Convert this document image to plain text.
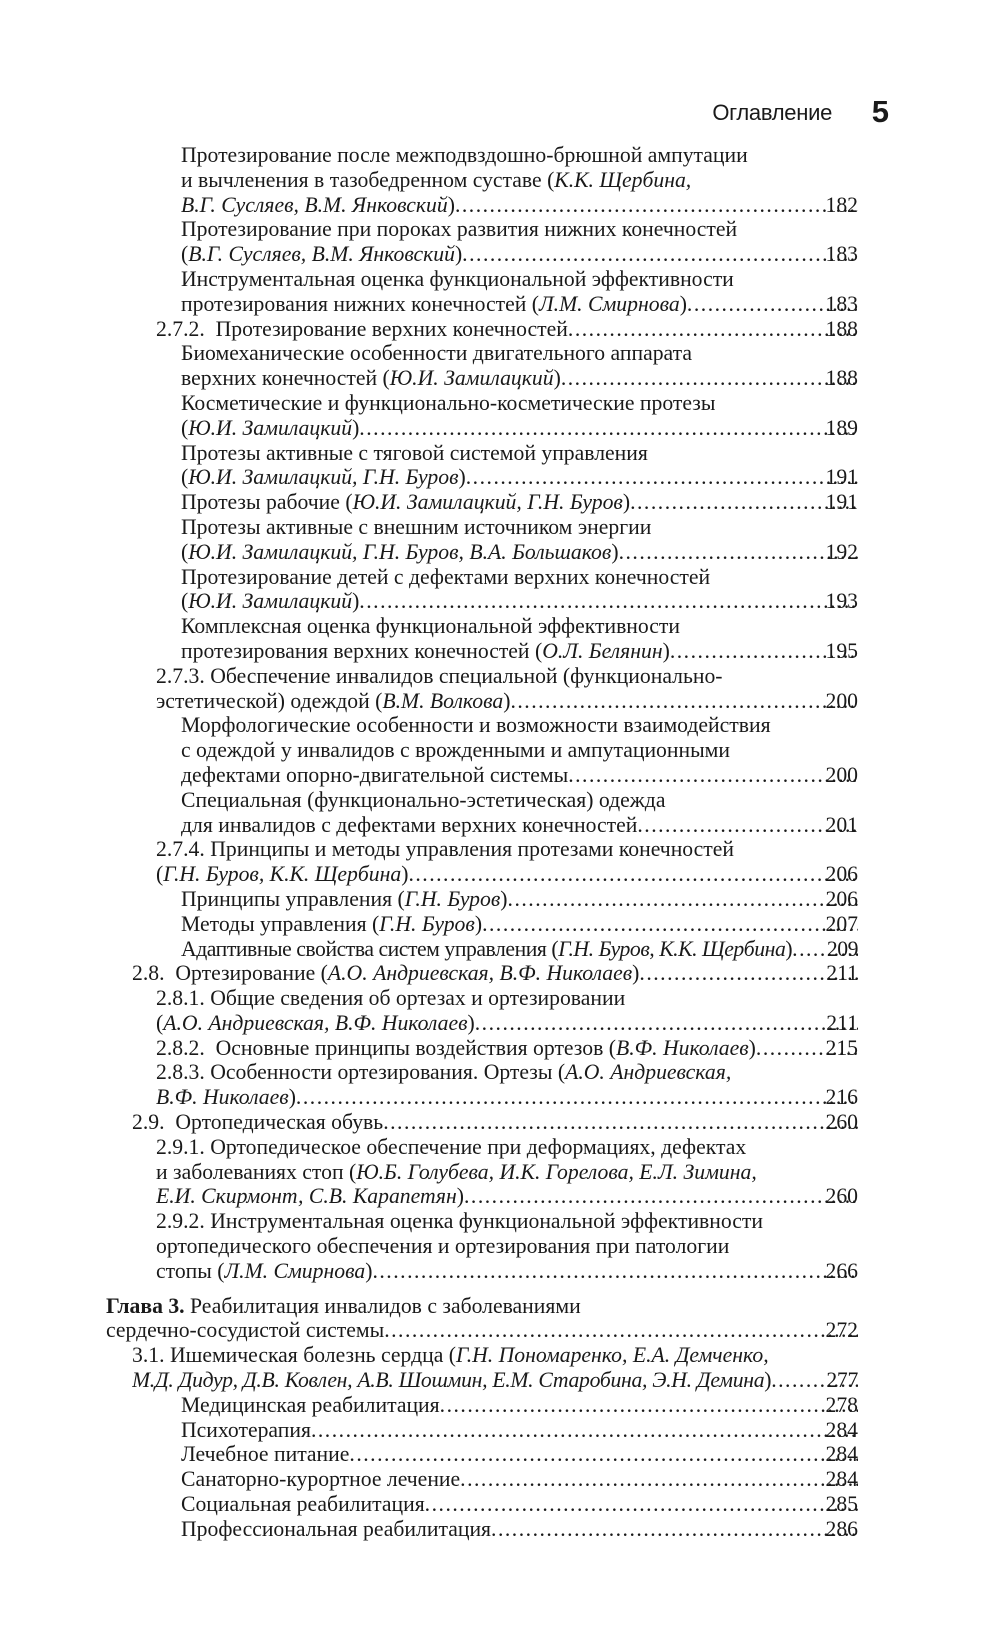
Оглавление 5
Протезирование после межподвздошно-брюшной ампутации
и вычленения в тазобедренном суставе (К.К. Щербина,
В.Г. Сусляев, В.М. Янковский) .....	182
Протезирование при пороках развития нижних конечностей
(В.Г. Сусляев, В.М. Янковский) .....	183
Инструментальная оценка функциональной эффективности
протезирования нижних конечностей (Л.М. Смирнова) .....	183
2.7.2.  Протезирование верхних конечностей .....	188
Биомеханические особенности двигательного аппарата
верхних конечностей (Ю.И. Замилацкий) .....	188
Косметические и функционально-косметические протезы
(Ю.И. Замилацкий) .....	189
Протезы активные с тяговой системой управления
(Ю.И. Замилацкий, Г.Н. Буров) .....	191
Протезы рабочие (Ю.И. Замилацкий, Г.Н. Буров) .....	191
Протезы активные с внешним источником энергии
(Ю.И. Замилацкий, Г.Н. Буров, В.А. Большаков) .....	192
Протезирование детей с дефектами верхних конечностей
(Ю.И. Замилацкий) .....	193
Комплексная оценка функциональной эффективности
протезирования верхних конечностей (О.Л. Белянин) .....	195
2.7.3. Обеспечение инвалидов специальной (функционально-
эстетической) одеждой (В.М. Волкова) .....	200
Морфологические особенности и возможности взаимодействия
с одеждой у инвалидов с врожденными и ампутационными
дефектами опорно-двигательной системы .....	200
Специальная (функционально-эстетическая) одежда
для инвалидов с дефектами верхних конечностей .....	201
2.7.4. Принципы и методы управления протезами конечностей
(Г.Н. Буров, К.К. Щербина) .....	206
Принципы управления (Г.Н. Буров) .....	206
Методы управления (Г.Н. Буров) .....	207
Адаптивные свойства систем управления (Г.Н. Буров, К.К. Щербина) ..... 209
2.8.  Ортезирование (А.О. Андриевская, В.Ф. Николаев) .....	211
2.8.1. Общие сведения об ортезах и ортезировании
(А.О. Андриевская, В.Ф. Николаев) .....	211
2.8.2.  Основные принципы воздействия ортезов (В.Ф. Николаев) .....	215
2.8.3. Особенности ортезирования. Ортезы (А.О. Андриевская,
В.Ф. Николаев) .....	216
2.9.  Ортопедическая обувь .....	260
2.9.1. Ортопедическое обеспечение при деформациях, дефектах
и заболеваниях стоп (Ю.Б. Голубева, И.К. Горелова, Е.Л. Зимина,
Е.И. Скирмонт, С.В. Карапетян) .....	260
2.9.2. Инструментальная оценка функциональной эффективности
ортопедического обеспечения и ортезирования при патологии
стопы (Л.М. Смирнова) .....	266
Глава 3. Реабилитация инвалидов с заболеваниями
сердечно-сосудистой системы .....	272
3.1. Ишемическая болезнь сердца (Г.Н. Пономаренко, Е.А. Демченко,
М.Д. Дидур, Д.В. Ковлен, А.В. Шошмин, Е.М. Старобина, Э.Н. Демина) .....	277
Медицинская реабилитация .....	278
Психотерапия .....	284
Лечебное питание .....	284
Санаторно-курортное лечение .....	284
Социальная реабилитация .....	285
Профессиональная реабилитация .....	286
